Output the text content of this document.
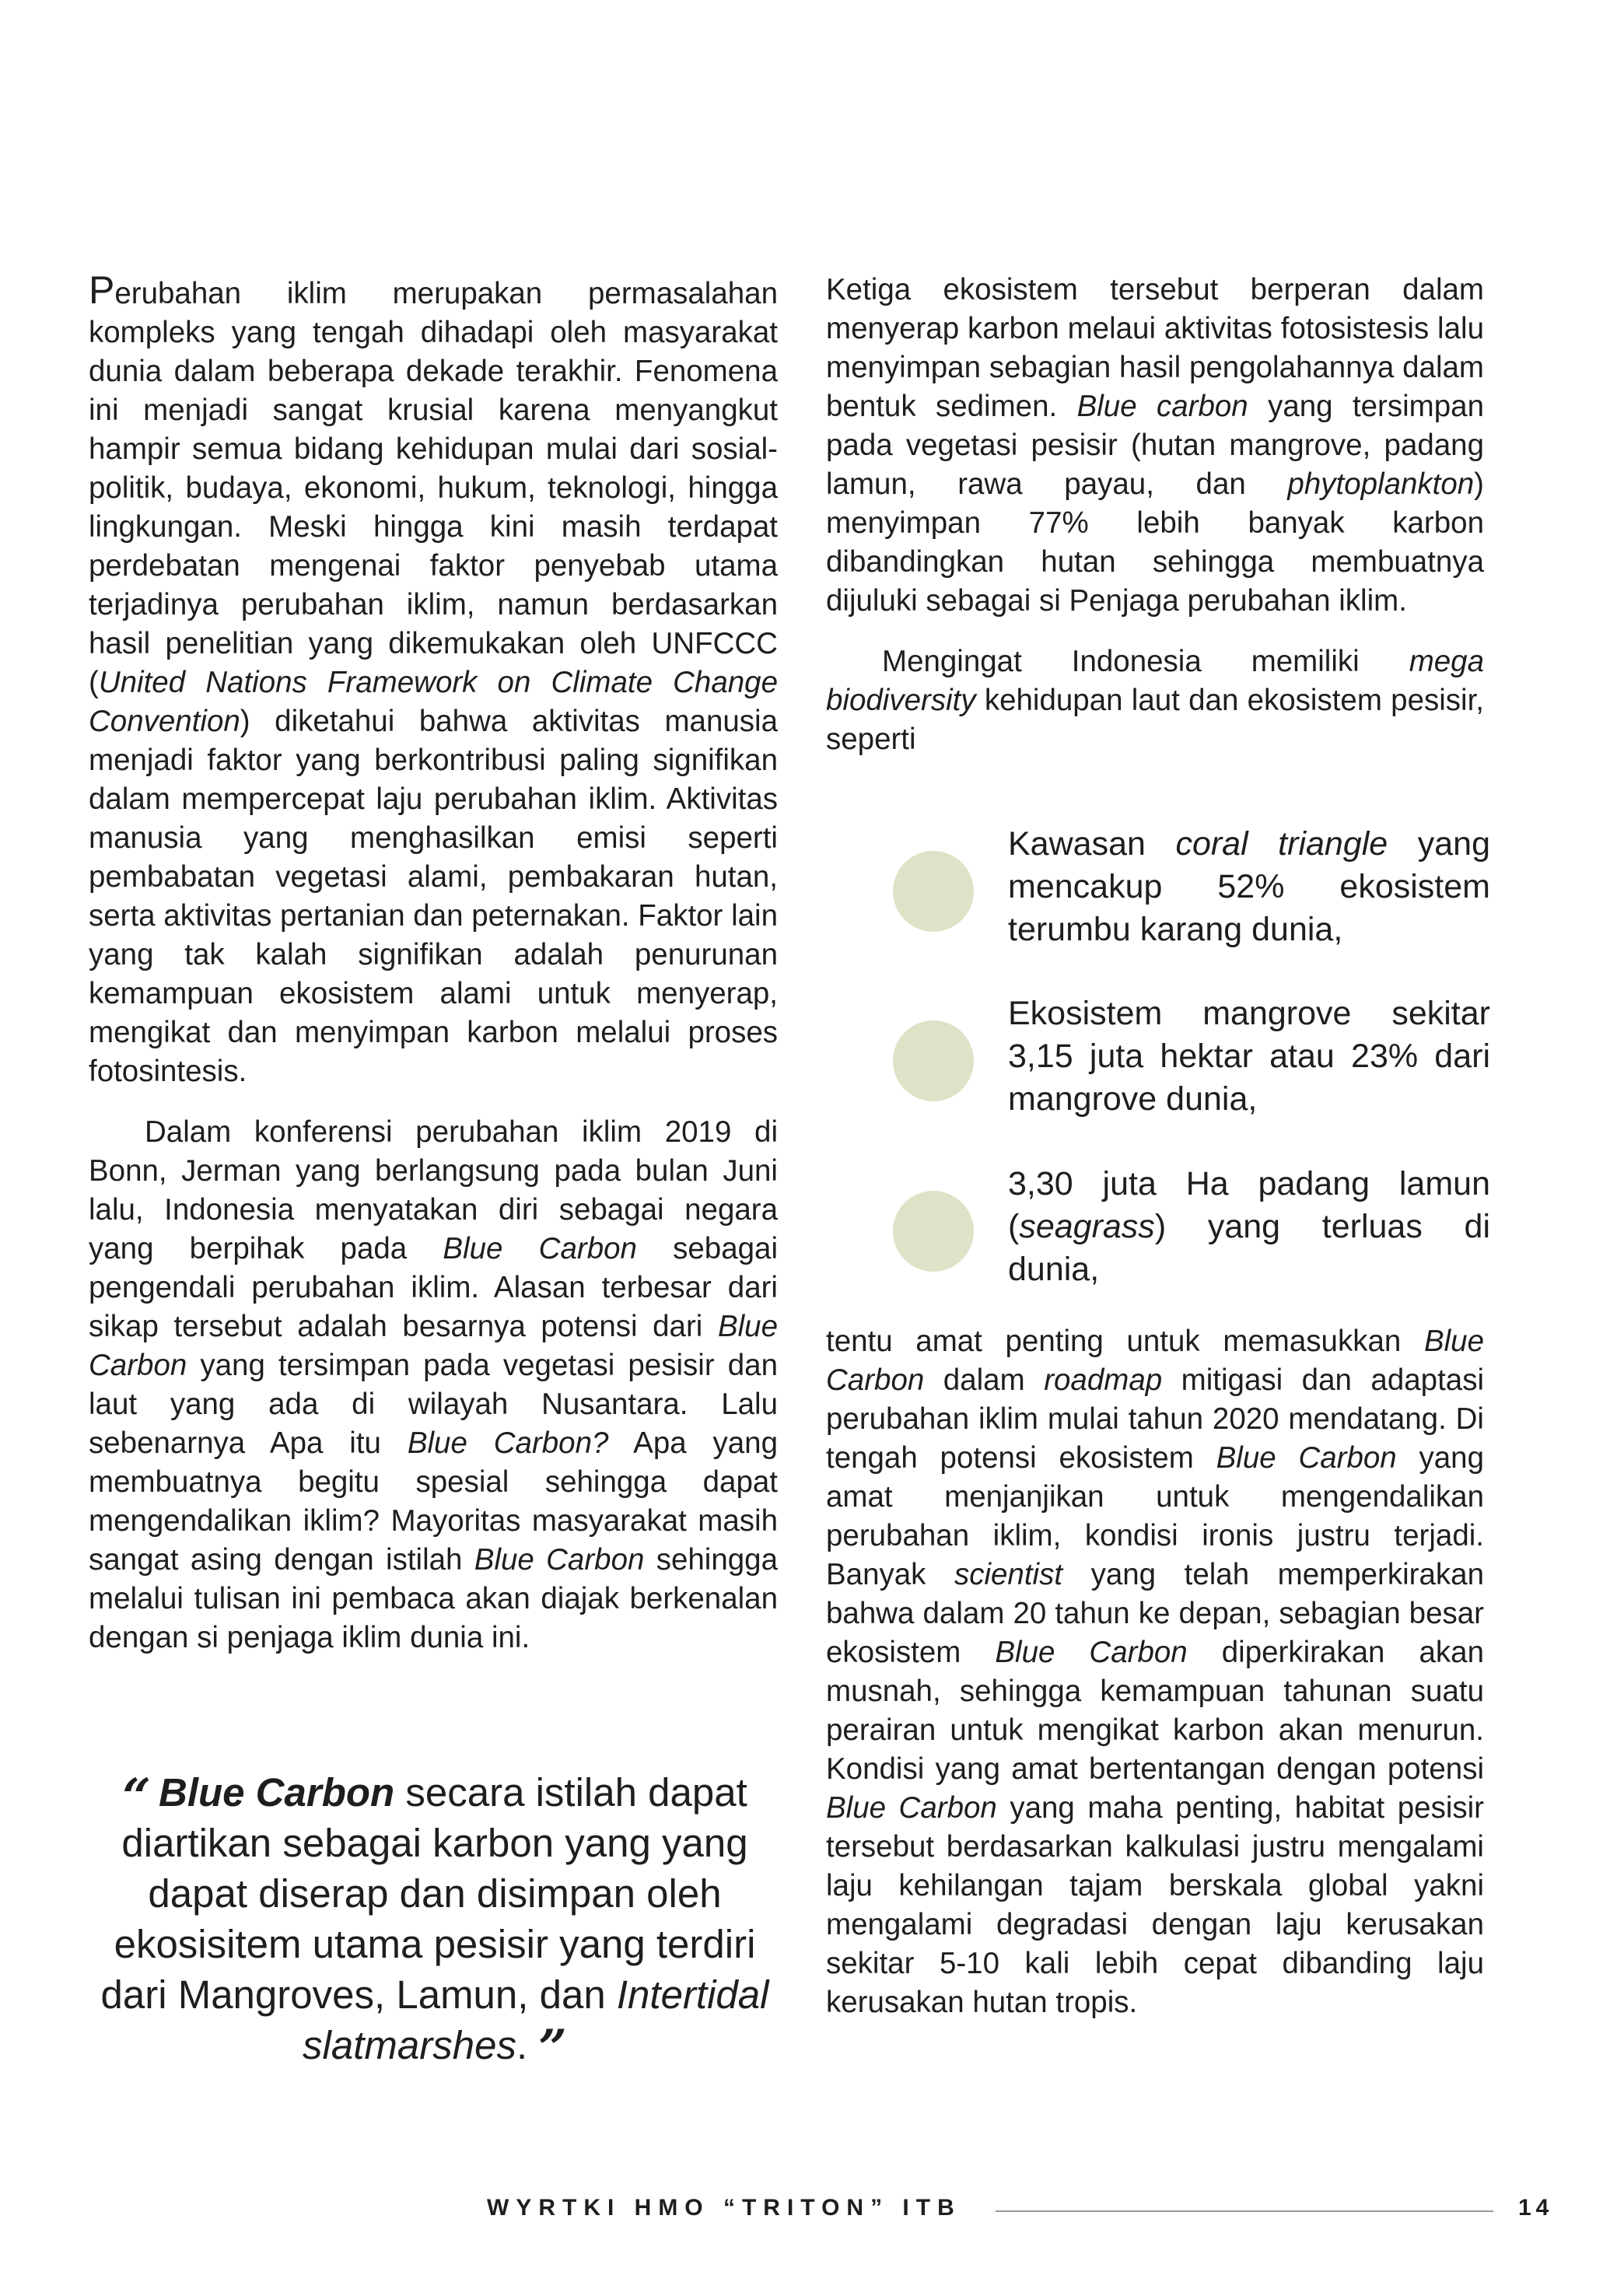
Perubahan iklim merupakan permasalahan kompleks yang tengah dihadapi oleh masyarakat dunia dalam beberapa dekade terakhir. Fenomena ini menjadi sangat krusial karena menyangkut hampir semua bidang kehidupan mulai dari sosial-politik, budaya, ekonomi, hukum, teknologi, hingga lingkungan. Meski hingga kini masih terdapat perdebatan mengenai faktor penyebab utama terjadinya perubahan iklim, namun berdasarkan hasil penelitian yang dikemukakan oleh UNFCCC (United Nations Framework on Climate Change Convention) diketahui bahwa aktivitas manusia menjadi faktor yang berkontribusi paling signifikan dalam mempercepat laju perubahan iklim. Aktivitas manusia yang menghasilkan emisi seperti pembabatan vegetasi alami, pembakaran hutan, serta aktivitas pertanian dan peternakan. Faktor lain yang tak kalah signifikan adalah penurunan kemampuan ekosistem alami untuk menyerap, mengikat dan menyimpan karbon melalui proses fotosintesis.

Dalam konferensi perubahan iklim 2019 di Bonn, Jerman yang berlangsung pada bulan Juni lalu, Indonesia menyatakan diri sebagai negara yang berpihak pada Blue Carbon sebagai pengendali perubahan iklim. Alasan terbesar dari sikap tersebut adalah besarnya potensi dari Blue Carbon yang tersimpan pada vegetasi pesisir dan laut yang ada di wilayah Nusantara. Lalu sebenarnya Apa itu Blue Carbon? Apa yang membuatnya begitu spesial sehingga dapat mengendalikan iklim? Mayoritas masyarakat masih sangat asing dengan istilah Blue Carbon sehingga melalui tulisan ini pembaca akan diajak berkenalan dengan si penjaga iklim dunia ini.

“ Blue Carbon secara istilah dapat diartikan sebagai karbon yang yang dapat diserap dan disimpan oleh ekosisitem utama pesisir yang terdiri dari Mangroves, Lamun, dan Intertidal slatmarshes. ”

Ketiga ekosistem tersebut berperan dalam menyerap karbon melaui aktivitas fotosistesis lalu menyimpan sebagian hasil pengolahannya dalam bentuk sedimen. Blue carbon yang tersimpan pada vegetasi pesisir (hutan mangrove, padang lamun, rawa payau, dan phytoplankton) menyimpan 77% lebih banyak karbon dibandingkan hutan sehingga membuatnya dijuluki sebagai si Penjaga perubahan iklim.

Mengingat Indonesia memiliki mega biodiversity kehidupan laut dan ekosistem pesisir, seperti

Kawasan coral triangle yang mencakup 52% ekosistem terumbu karang dunia,
Ekosistem mangrove sekitar 3,15 juta hektar atau 23% dari mangrove dunia,
3,30 juta Ha padang lamun (seagrass) yang terluas di dunia,

tentu amat penting untuk memasukkan Blue Carbon dalam roadmap mitigasi dan adaptasi perubahan iklim mulai tahun 2020 mendatang. Di tengah potensi ekosistem Blue Carbon yang amat menjanjikan untuk mengendalikan perubahan iklim, kondisi ironis justru terjadi. Banyak scientist yang telah memperkirakan bahwa dalam 20 tahun ke depan, sebagian besar ekosistem Blue Carbon diperkirakan akan musnah, sehingga kemampuan tahunan suatu perairan untuk mengikat karbon akan menurun. Kondisi yang amat bertentangan dengan potensi Blue Carbon yang maha penting, habitat pesisir tersebut berdasarkan kalkulasi justru mengalami laju kehilangan tajam berskala global yakni mengalami degradasi dengan laju kerusakan sekitar 5-10 kali lebih cepat dibanding laju kerusakan hutan tropis.

WYRTKI HMO “TRITON” ITB	14
